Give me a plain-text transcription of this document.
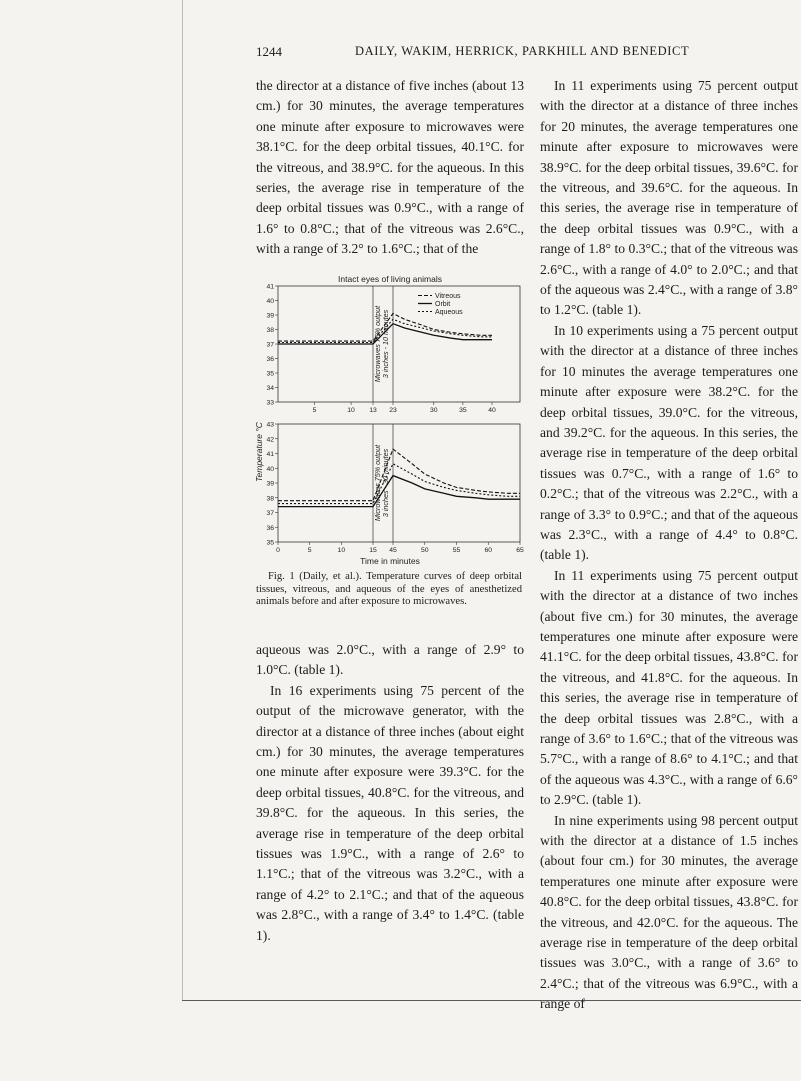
1244	DAILY, WAKIM, HERRICK, PARKHILL AND BENEDICT

the director at a distance of five inches (about 13 cm.) for 30 minutes, the average temperatures one minute after exposure to microwaves were 38.1°C. for the deep orbital tissues, 40.1°C. for the vitreous, and 38.9°C. for the aqueous. In this series, the average rise in temperature of the deep orbital tissues was 0.9°C., with a range of 1.6° to 0.8°C.; that of the vitreous was 2.6°C., with a range of 3.2° to 1.6°C.; that of the

Intact eyes of living animals
Temperature °C
Microwaves 75% output 3 inches - 10 minutes
33
34
35
36
37
38
39
40
41
5	10 13 23	30	35	40
Vitreous
Orbit
Aqueous
Microwaves 75% output 3 inches - 30 minutes
35
36
37
38
39
40
41
42
43
0	5	10	15 45	50	55	60	65
Time in minutes
Fig. 1 (Daily, et al.). Temperature curves of deep orbital tissues, vitreous, and aqueous of the eyes of anesthetized animals before and after exposure to microwaves.

aqueous was 2.0°C., with a range of 2.9° to 1.0°C. (table 1).

In 16 experiments using 75 percent of the output of the microwave generator, with the director at a distance of three inches (about eight cm.) for 30 minutes, the average temperatures one minute after exposure were 39.3°C. for the deep orbital tissues, 40.8°C. for the vitreous, and 39.8°C. for the aqueous. In this series, the average rise in temperature of the deep orbital tissues was 1.9°C., with a range of 2.6° to 1.1°C.; that of the vitreous was 3.2°C., with a range of 4.2° to 2.1°C.; and that of the aqueous was 2.8°C., with a range of 3.4° to 1.4°C. (table 1).

In 11 experiments using 75 percent output with the director at a distance of three inches for 20 minutes, the average temperatures one minute after exposure to microwaves were 38.9°C. for the deep orbital tissues, 39.6°C. for the vitreous, and 39.6°C. for the aqueous. In this series, the average rise in temperature of the deep orbital tissues was 0.9°C., with a range of 1.8° to 0.3°C.; that of the vitreous was 2.6°C., with a range of 4.0° to 2.0°C.; and that of the aqueous was 2.4°C., with a range of 3.8° to 1.2°C. (table 1).

In 10 experiments using a 75 percent output with the director at a distance of three inches for 10 minutes the average temperatures one minute after exposure were 38.2°C. for the deep orbital tissues, 39.0°C. for the vitreous, and 39.2°C. for the aqueous. In this series, the average rise in temperature of the deep orbital tissues was 0.7°C., with a range of 1.6° to 0.2°C.; that of the vitreous was 2.2°C., with a range of 3.3° to 0.9°C.; and that of the aqueous was 2.3°C., with a range of 4.4° to 0.8°C. (table 1).

In 11 experiments using 75 percent output with the director at a distance of two inches (about five cm.) for 30 minutes, the average temperatures one minute after exposure were 41.1°C. for the deep orbital tissues, 43.8°C. for the vitreous, and 41.8°C. for the aqueous. In this series, the average rise in temperature of the deep orbital tissues was 2.8°C., with a range of 3.6° to 1.6°C.; that of the vitreous was 5.7°C., with a range of 8.6° to 4.1°C.; and that of the aqueous was 4.3°C., with a range of 6.6° to 2.9°C. (table 1).

In nine experiments using 98 percent output with the director at a distance of 1.5 inches (about four cm.) for 30 minutes, the average temperatures one minute after exposure were 40.8°C. for the deep orbital tissues, 43.8°C. for the vitreous, and 42.0°C. for the aqueous. The average rise in temperature of the deep orbital tissues was 3.0°C., with a range of 3.6° to 2.4°C.; that of the vitreous was 6.9°C., with a range of
